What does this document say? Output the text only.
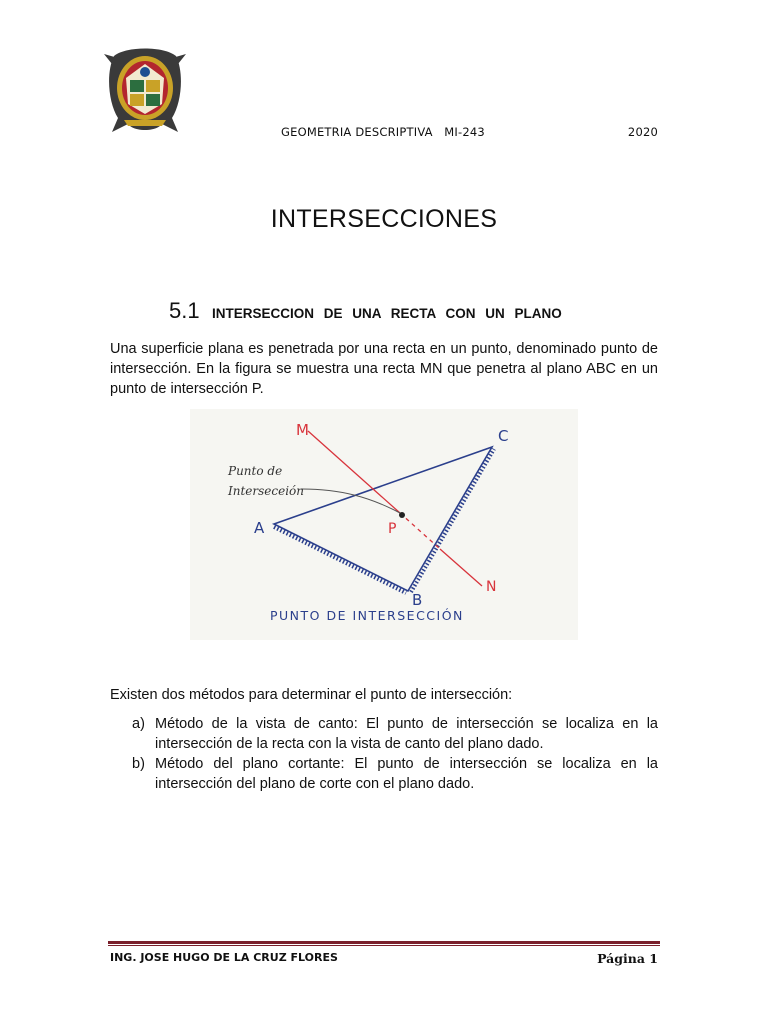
GEOMETRIA DESCRIPTIVA   MI-243	2020
INTERSECCIONES
5.1 INTERSECCION DE UNA RECTA CON UN PLANO
Una superficie plana es penetrada por una recta en un punto, denominado punto de intersección. En la figura se muestra una recta MN que penetra al plano ABC en un punto de intersección P.
M
N
C
A
B
P
Punto de
Interseceión
PUNTO DE INTERSECCIÓN
Existen dos métodos para determinar el punto de intersección:
a) Método de la vista de canto: El punto de intersección se localiza en la intersección de la recta con la vista de canto del plano dado.
b) Método del plano cortante: El punto de intersección se localiza en la intersección del plano de corte con el plano dado.
ING. JOSE HUGO DE LA CRUZ FLORES	Página 1
